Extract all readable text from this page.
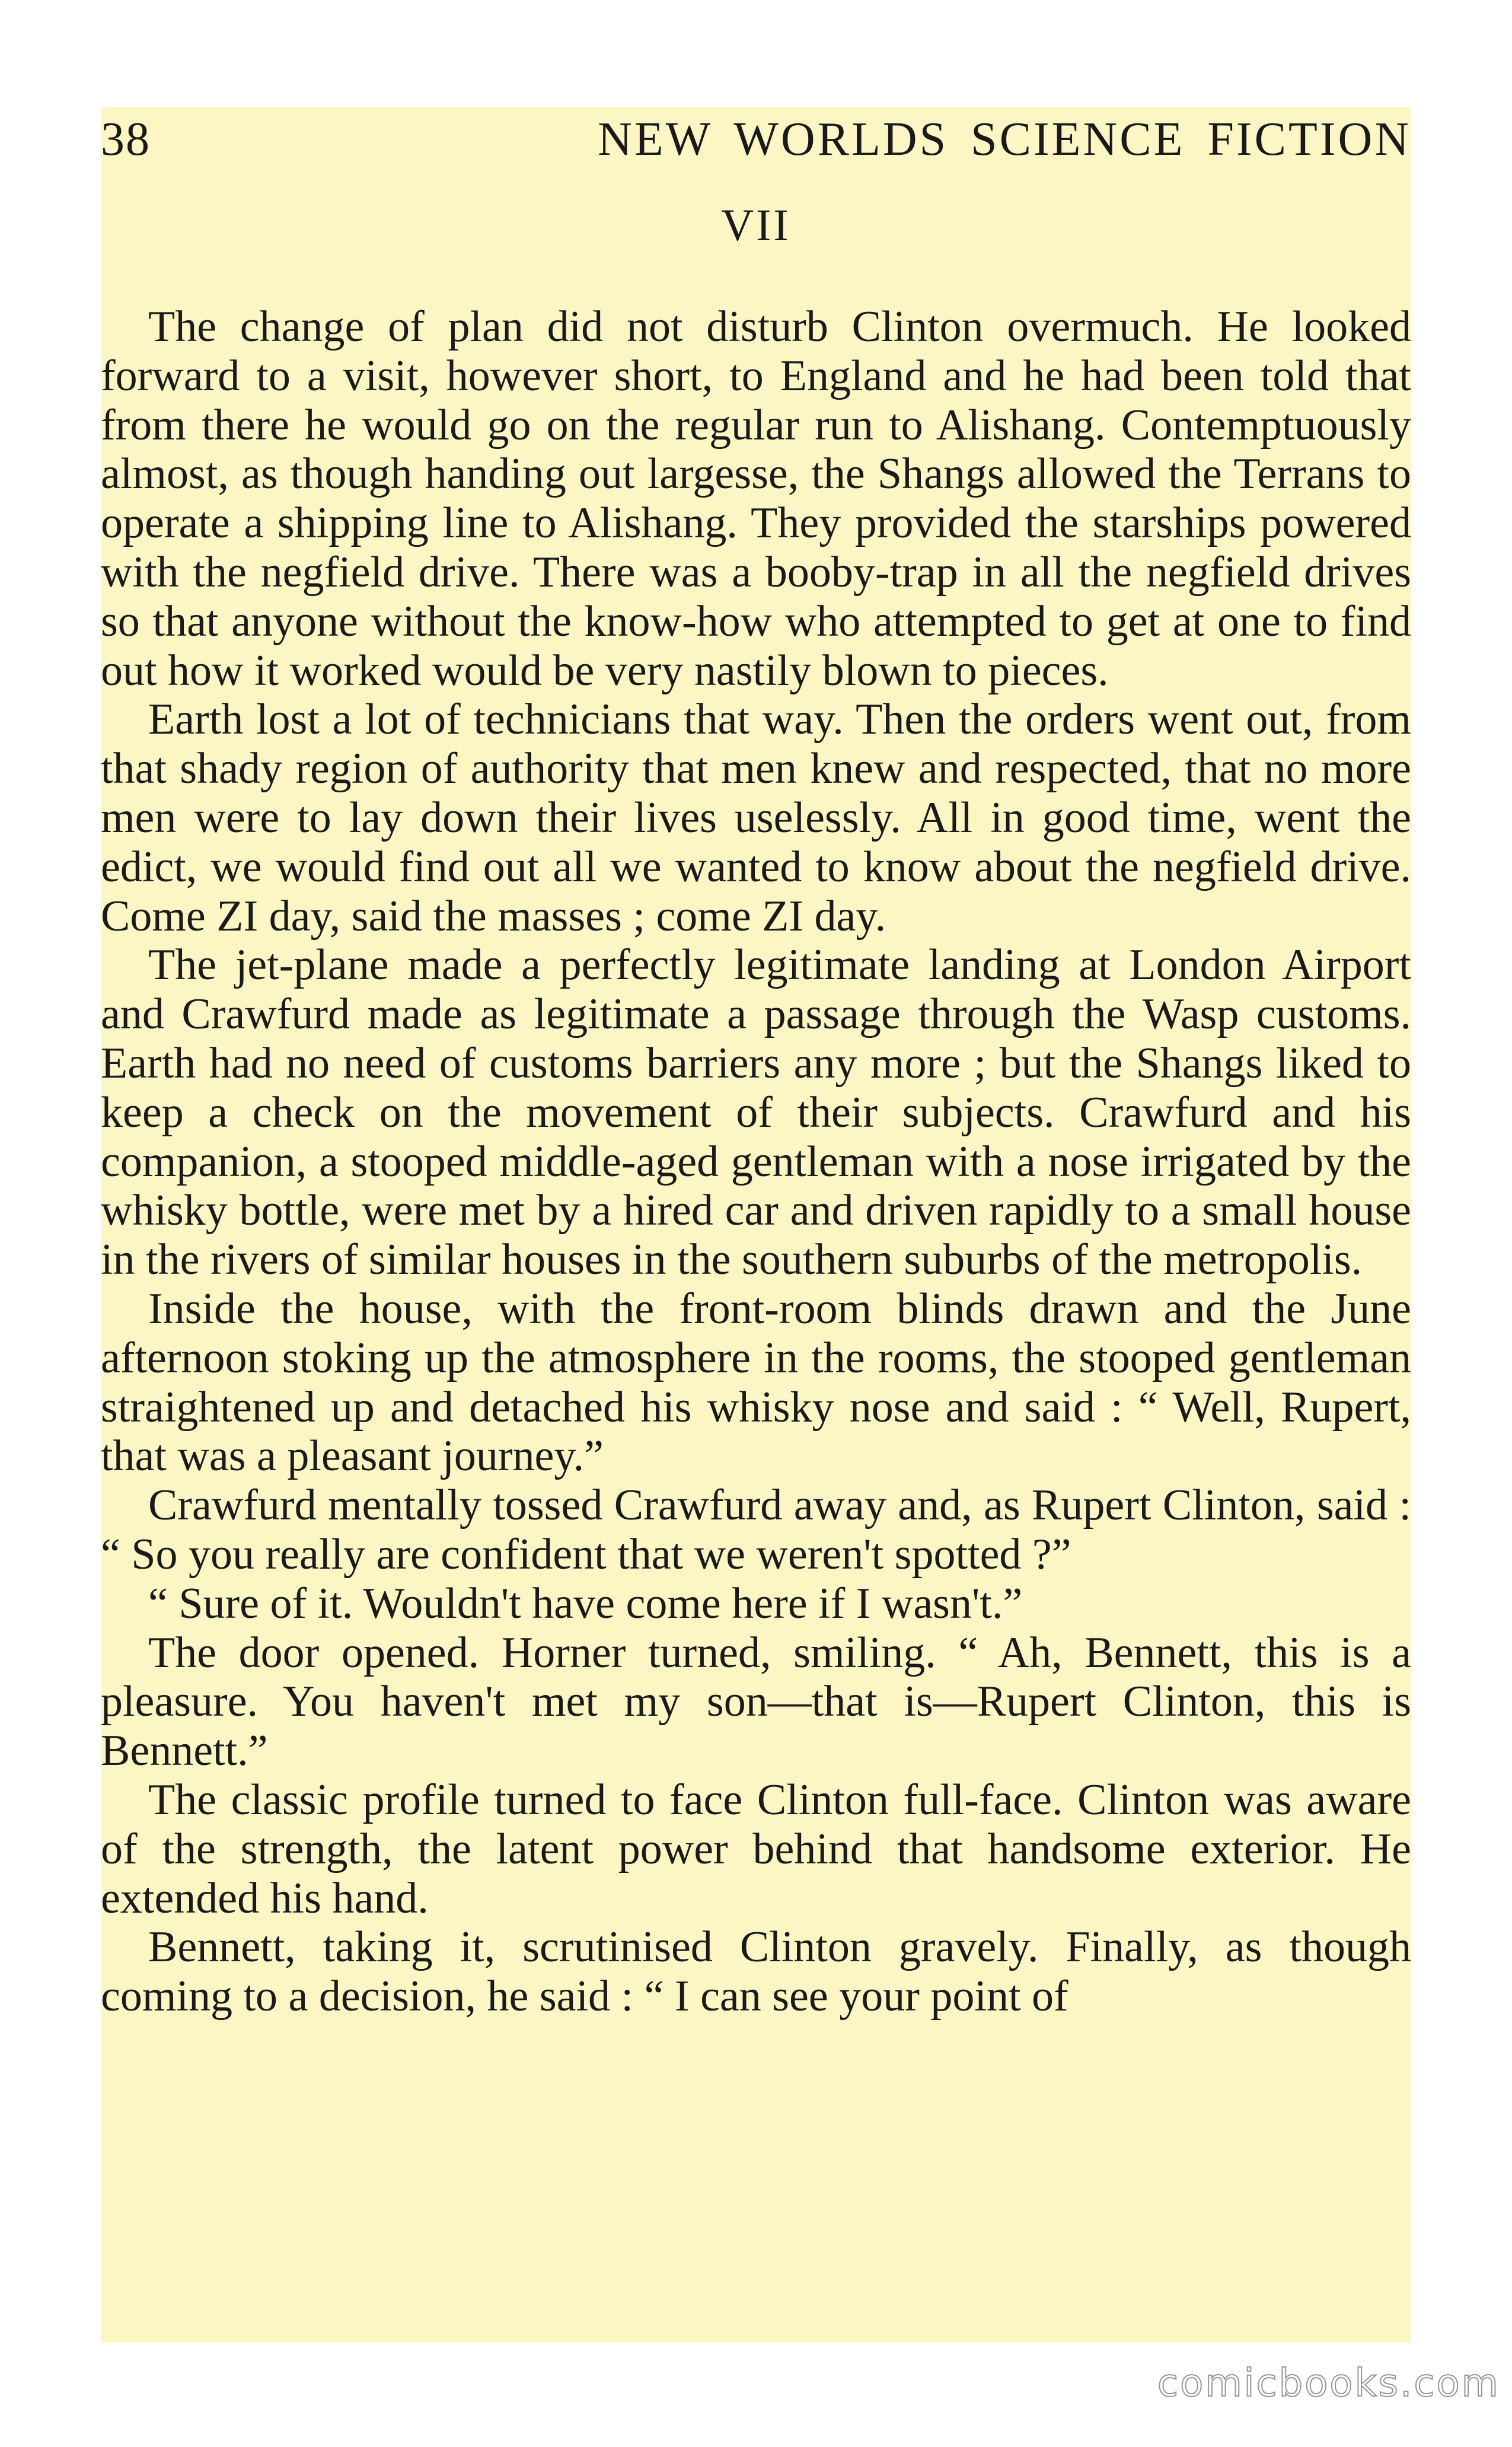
38	NEW WORLDS SCIENCE FICTION
VII

The change of plan did not disturb Clinton overmuch. He looked forward to a visit, however short, to England and he had been told that from there he would go on the regular run to Alishang. Contemptuously almost, as though handing out largesse, the Shangs allowed the Terrans to operate a shipping line to Alishang. They provided the starships powered with the negfield drive. There was a booby-trap in all the negfield drives so that anyone without the know-how who attempted to get at one to find out how it worked would be very nastily blown to pieces.

Earth lost a lot of technicians that way. Then the orders went out, from that shady region of authority that men knew and respected, that no more men were to lay down their lives uselessly. All in good time, went the edict, we would find out all we wanted to know about the negfield drive. Come ZI day, said the masses ; come ZI day.

The jet-plane made a perfectly legitimate landing at London Airport and Crawfurd made as legitimate a passage through the Wasp customs. Earth had no need of customs barriers any more ; but the Shangs liked to keep a check on the movement of their subjects. Crawfurd and his companion, a stooped middle-aged gentleman with a nose irrigated by the whisky bottle, were met by a hired car and driven rapidly to a small house in the rivers of similar houses in the southern suburbs of the metropolis.

Inside the house, with the front-room blinds drawn and the June afternoon stoking up the atmosphere in the rooms, the stooped gentleman straightened up and detached his whisky nose and said : “ Well, Rupert, that was a pleasant journey.”

Crawfurd mentally tossed Crawfurd away and, as Rupert Clinton, said : “ So you really are confident that we weren't spotted ?”

“ Sure of it. Wouldn't have come here if I wasn't.”

The door opened. Horner turned, smiling. “ Ah, Bennett, this is a pleasure. You haven't met my son—that is—Rupert Clinton, this is Bennett.”

The classic profile turned to face Clinton full-face. Clinton was aware of the strength, the latent power behind that handsome exterior. He extended his hand.

Bennett, taking it, scrutinised Clinton gravely. Finally, as though coming to a decision, he said : “ I can see your point of

comicbooks.com
